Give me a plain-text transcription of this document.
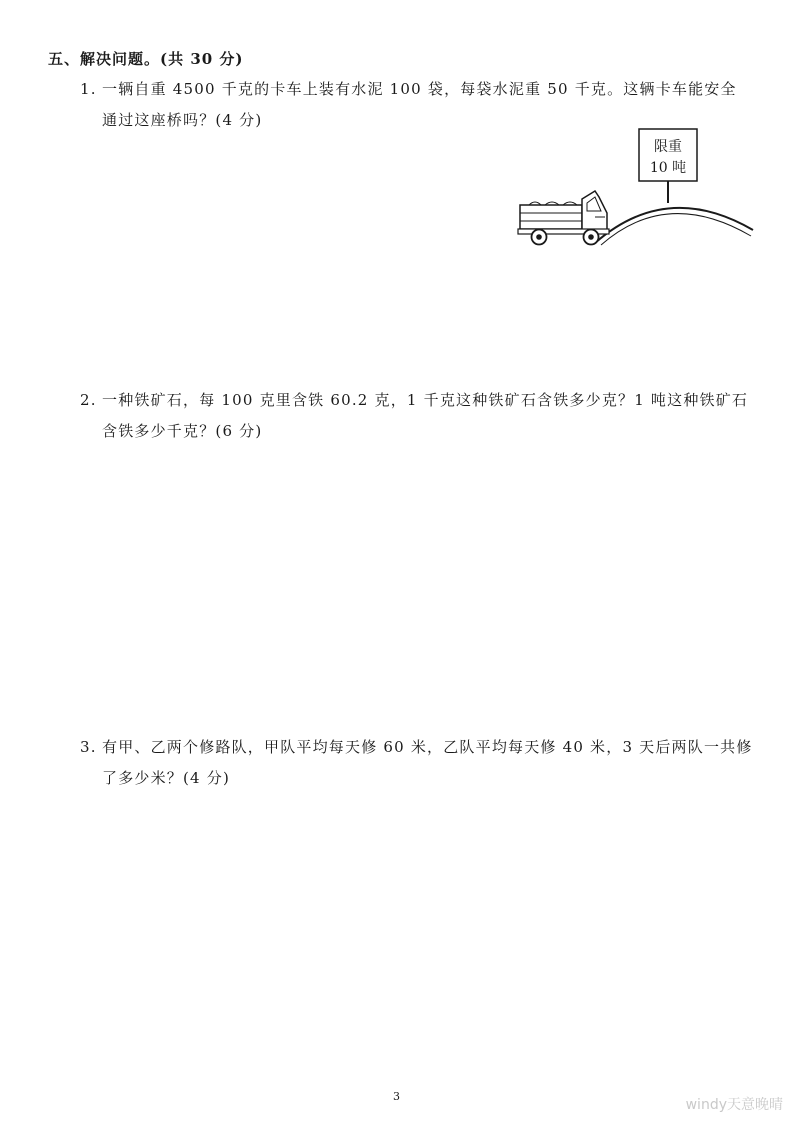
五、解决问题。(共 30 分)
1. 一辆自重 4500 千克的卡车上装有水泥 100 袋，每袋水泥重 50 千克。这辆卡车能安全
通过这座桥吗？(4 分)
限重
10 吨
2. 一种铁矿石，每 100 克里含铁 60.2 克，1 千克这种铁矿石含铁多少克？1 吨这种铁矿石
含铁多少千克？(6 分)
3. 有甲、乙两个修路队，甲队平均每天修 60 米，乙队平均每天修 40 米，3 天后两队一共修
了多少米？(4 分)
3
windy天意晚晴
